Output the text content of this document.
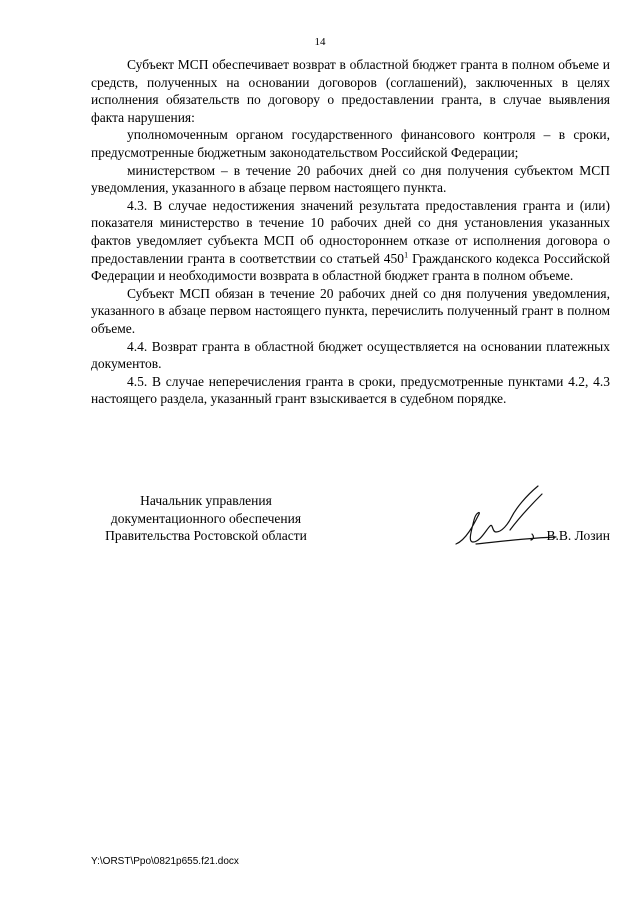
14

Субъект МСП обеспечивает возврат в областной бюджет гранта в полном объеме и средств, полученных на основании договоров (соглашений), заключенных в целях исполнения обязательств по договору о предоставлении гранта, в случае выявления факта нарушения:

уполномоченным органом государственного финансового контроля – в сроки, предусмотренные бюджетным законодательством Российской Федерации;

министерством – в течение 20 рабочих дней со дня получения субъектом МСП уведомления, указанного в абзаце первом настоящего пункта.

4.3. В случае недостижения значений результата предоставления гранта и (или) показателя министерство в течение 10 рабочих дней со дня установления указанных фактов уведомляет субъекта МСП об одностороннем отказе от исполнения договора о предоставлении гранта в соответствии со статьей $450^1$ Гражданского кодекса Российской Федерации и необходимости возврата в областной бюджет гранта в полном объеме.

Субъект МСП обязан в течение 20 рабочих дней со дня получения уведомления, указанного в абзаце первом настоящего пункта, перечислить полученный грант в полном объеме.

4.4. Возврат гранта в областной бюджет осуществляется на основании платежных документов.

4.5. В случае неперечисления гранта в сроки, предусмотренные пунктами 4.2, 4.3 настоящего раздела, указанный грант взыскивается в судебном порядке.

Начальник управления
документационного обеспечения
Правительства Ростовской области	В.В. Лозин
Y:\ORST\Ppo\0821p655.f21.docx
